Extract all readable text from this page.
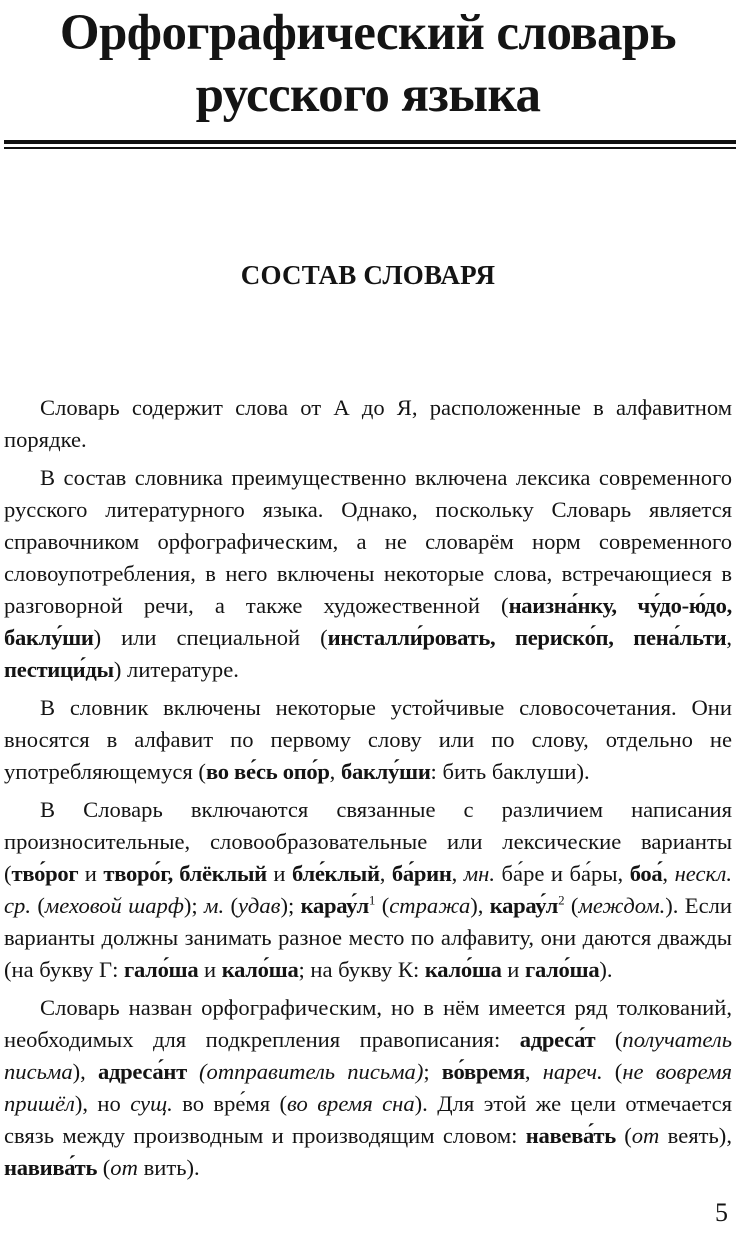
Орфографический словарь
русского языка
СОСТАВ СЛОВАРЯ

Словарь содержит слова от А до Я, расположенные в алфавитном порядке.

В состав словника преимущественно включена лексика современного русского литературного языка. Однако, поскольку Словарь является справочником орфографическим, а не словарём норм современного словоупотребления, в него включены некоторые слова, встречающиеся в разговорной речи, а также художественной (наизна́нку, чу́до-ю́до, баклу́ши) или специальной (инсталли́ровать, периско́п, пена́льти, пестици́ды) литературе.

В словник включены некоторые устойчивые словосочетания. Они вносятся в алфавит по первому слову или по слову, отдельно не употребляющемуся (во ве́сь опо́р, баклу́ши: бить баклуши).

В Словарь включаются связанные с различием написания произносительные, словообразовательные или лексические варианты (тво́рог и творо́г, блёклый и бле́клый, ба́рин, мн. ба́ре и ба́ры, боа́, нескл. ср. (меховой шарф); м. (удав); $карау́л^1$ (стража), $карау́л^2$ (междом.). Если варианты должны занимать разное место по алфавиту, они даются дважды (на букву Г: гало́ша и кало́ша; на букву К: кало́ша и гало́ша).

Словарь назван орфографическим, но в нём имеется ряд толкований, необходимых для подкрепления правописания: адреса́т (получатель письма), адреса́нт (отправитель письма); во́время, нареч. (не вовремя пришёл), но сущ. во вре́мя (во время сна). Для этой же цели отмечается связь между производным и производящим словом: навева́ть (от веять), навива́ть (от вить).

5
